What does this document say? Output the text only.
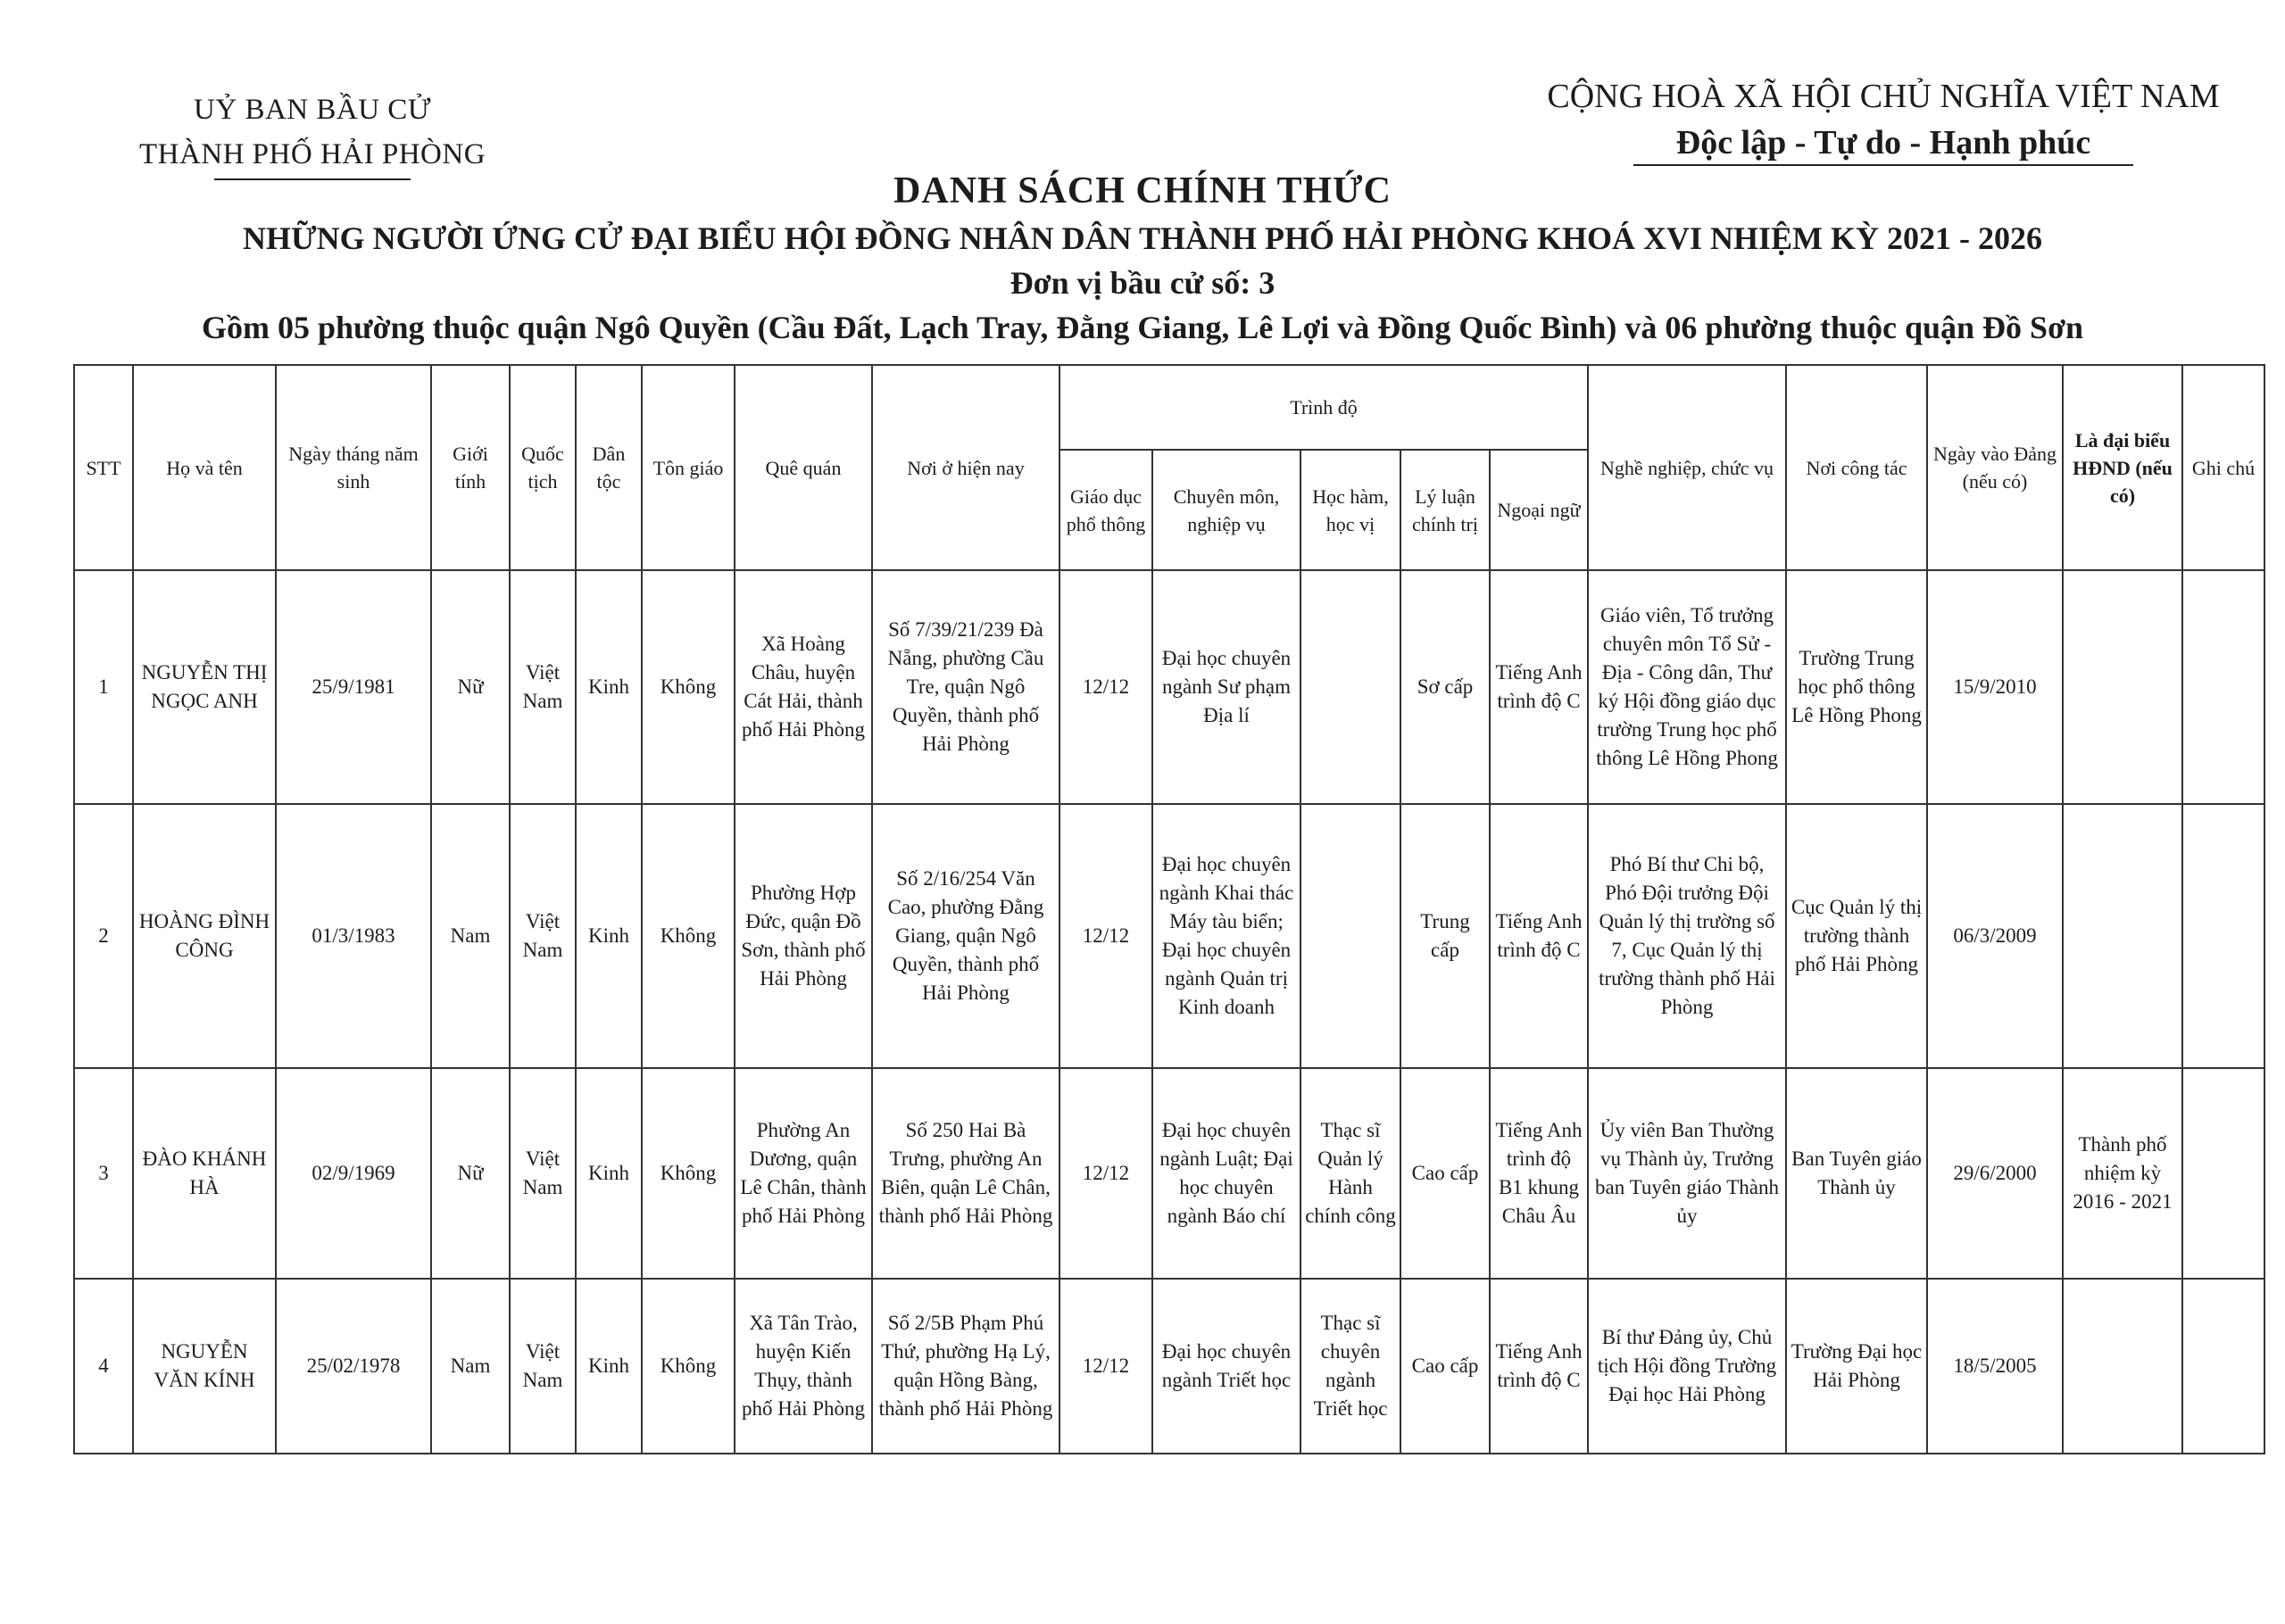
UỶ BAN BẦU CỬ
THÀNH PHỐ HẢI PHÒNG
CỘNG HOÀ XÃ HỘI CHỦ NGHĨA VIỆT NAM
Độc lập - Tự do - Hạnh phúc
DANH SÁCH CHÍNH THỨC
NHỮNG NGƯỜI ỨNG CỬ ĐẠI BIỂU HỘI ĐỒNG NHÂN DÂN THÀNH PHỐ HẢI PHÒNG KHOÁ XVI NHIỆM KỲ 2021 - 2026
Đơn vị bầu cử số: 3
Gồm 05 phường thuộc quận Ngô Quyền (Cầu Đất, Lạch Tray, Đằng Giang, Lê Lợi và Đồng Quốc Bình) và 06 phường thuộc quận Đồ Sơn
STT	Họ và tên	Ngày tháng năm sinh	Giới tính	Quốc tịch	Dân tộc	Tôn giáo	Quê quán	Nơi ở hiện nay	Trình độ					Nghề nghiệp, chức vụ	Nơi công tác	Ngày vào Đảng (nếu có)	Là đại biểu HĐND (nếu có)	Ghi chú
									Giáo dục phổ thông	Chuyên môn, nghiệp vụ	Học hàm, học vị	Lý luận chính trị	Ngoại ngữ					
1	NGUYỄN THỊ NGỌC ANH	25/9/1981	Nữ	Việt Nam	Kinh	Không	Xã Hoàng Châu, huyện Cát Hải, thành phố Hải Phòng	Số 7/39/21/239 Đà Nẵng, phường Cầu Tre, quận Ngô Quyền, thành phố Hải Phòng	12/12	Đại học chuyên ngành Sư phạm Địa lí		Sơ cấp	Tiếng Anh trình độ C	Giáo viên, Tổ trưởng chuyên môn Tổ Sử - Địa - Công dân, Thư ký Hội đồng giáo dục trường Trung học phổ thông Lê Hồng Phong	Trường Trung học phổ thông Lê Hồng Phong	15/9/2010		
2	HOÀNG ĐÌNH CÔNG	01/3/1983	Nam	Việt Nam	Kinh	Không	Phường Hợp Đức, quận Đồ Sơn, thành phố Hải Phòng	Số 2/16/254 Văn Cao, phường Đằng Giang, quận Ngô Quyền, thành phố Hải Phòng	12/12	Đại học chuyên ngành Khai thác Máy tàu biển; Đại học chuyên ngành Quản trị Kinh doanh		Trung cấp	Tiếng Anh trình độ C	Phó Bí thư Chi bộ, Phó Đội trưởng Đội Quản lý thị trường số 7, Cục Quản lý thị trường thành phố Hải Phòng	Cục Quản lý thị trường thành phố Hải Phòng	06/3/2009		
3	ĐÀO KHÁNH HÀ	02/9/1969	Nữ	Việt Nam	Kinh	Không	Phường An Dương, quận Lê Chân, thành phố Hải Phòng	Số 250 Hai Bà Trưng, phường An Biên, quận Lê Chân, thành phố Hải Phòng	12/12	Đại học chuyên ngành Luật; Đại học chuyên ngành Báo chí	Thạc sĩ Quản lý Hành chính công	Cao cấp	Tiếng Anh trình độ B1 khung Châu Âu	Ủy viên Ban Thường vụ Thành ủy, Trưởng ban Tuyên giáo Thành ủy	Ban Tuyên giáo Thành ủy	29/6/2000	Thành phố nhiệm kỳ 2016 - 2021	
4	NGUYỄN VĂN KÍNH	25/02/1978	Nam	Việt Nam	Kinh	Không	Xã Tân Trào, huyện Kiến Thụy, thành phố Hải Phòng	Số 2/5B Phạm Phú Thứ, phường Hạ Lý, quận Hồng Bàng, thành phố Hải Phòng	12/12	Đại học chuyên ngành Triết học	Thạc sĩ chuyên ngành Triết học	Cao cấp	Tiếng Anh trình độ C	Bí thư Đảng ủy, Chủ tịch Hội đồng Trường Đại học Hải Phòng	Trường Đại học Hải Phòng	18/5/2005		
